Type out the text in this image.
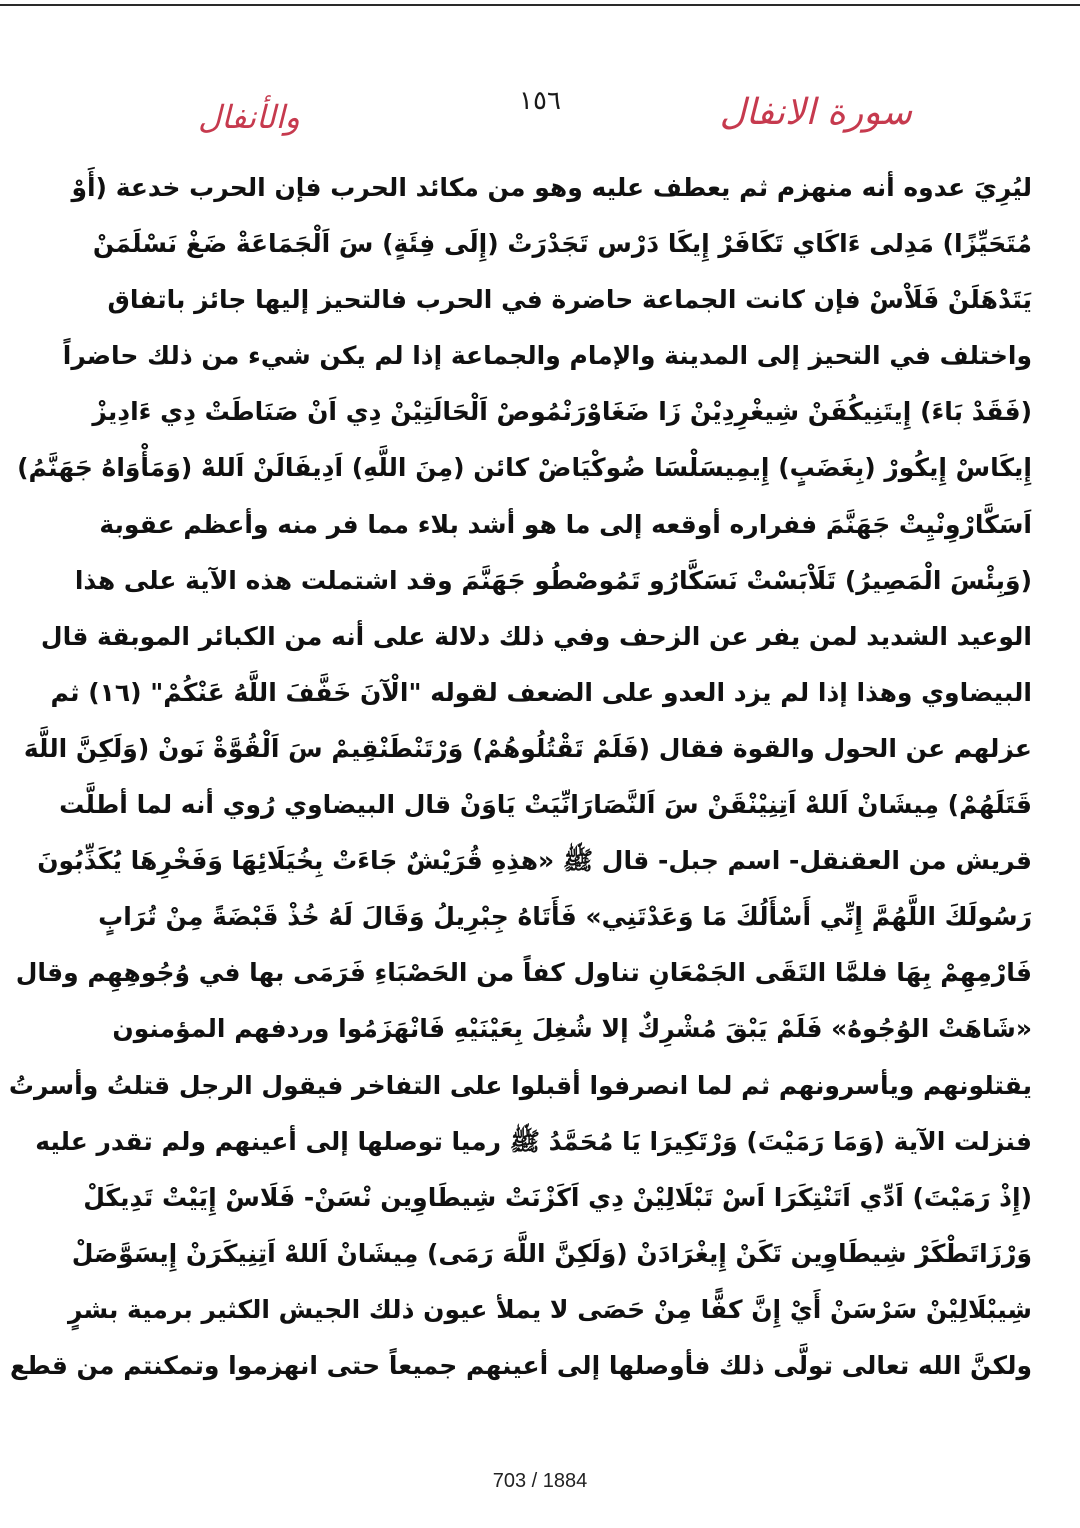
سورة الانفال
١٥٦
والأنفال
ليُرِيَ عدوه أنه منهزم ثم يعطف عليه وهو من مكائد الحرب فإن الحرب خدعة (أَوْ
مُتَحَيِّزًا) مَدِلى ءَاكَاي تَكَافَرْ إِيكَا دَرْس تَجَدْرَتْ (إِلَى فِئَةٍ) سَ اَلْجَمَاعَةْ ضَغْ نَسْلَمَنْ
يَتَدْهَلَنْ فَلَاْسْ فإن كانت الجماعة حاضرة في الحرب فالتحيز إليها جائز باتفاق
واختلف في التحيز إلى المدينة والإمام والجماعة إذا لم يكن شيء من ذلك حاضراً
(فَقَدْ بَاءَ) إِيتَنِيكُفَنْ شِيغْرِدِيْنْ زَا ضَغَاوْرَنْمُوصْ اَلْحَالَتِيْنْ دِي اَنْ صَنَاطَتْ دِي ءَادِيزْ
إِيكَاسْ إِيكُورْ (بِغَضَبٍ) إِيمِيسَلْسَا ضُوكْيَاضْ كائن (مِنَ اللَّهِ) اَدِيفَالَنْ اَللهْ (وَمَأْوَاهُ جَهَنَّمُ)
اَسَكَّارْوِنْيِتْ جَهَنَّمَ ففراره أوقعه إلى ما هو أشد بلاء مما فر منه وأعظم عقوبة
(وَبِئْسَ الْمَصِيرُ) تَلَاْبَسْتْ نَسَكَّارُو تَمُوصْطُو جَهَنَّمَ وقد اشتملت هذه الآية على هذا
الوعيد الشديد لمن يفر عن الزحف وفي ذلك دلالة على أنه من الكبائر الموبقة قال
البيضاوي وهذا إذا لم يزد العدو على الضعف لقوله "الْآنَ خَفَّفَ اللَّهُ عَنْكُمْ" (١٦) ثم
عزلهم عن الحول والقوة فقال (فَلَمْ تَقْتُلُوهُمْ) وَرْتَنْطَنْقِيمْ سَ اَلْقُوَّةْ نَونْ (وَلَكِنَّ اللَّهَ
قَتَلَهُمْ) مِيشَانْ اَللهْ اَتِنِيْنْقَنْ سَ اَلنَّصَارَانِّيَتْ يَاوَنْ قال البيضاوي رُوي أنه لما أطلَّت
قريش من العقنقل- اسم جبل- قال ﷺ «هذِهِ قُرَيْشٌ جَاءَتْ بِخُيَلَائِهَا وَفَخْرِهَا يُكَذِّبُونَ
رَسُولَكَ اللَّهُمَّ إِنِّي أَسْأَلُكَ مَا وَعَدْتَنِي» فَأَتَاهُ جِبْرِيلُ وَقَالَ لَهُ خُذْ قَبْضَةً مِنْ تُرَابٍ
فَارْمِهِمْ بِهَا فلمَّا التَقَى الجَمْعَانِ تناول كفاً من الحَصْبَاءِ فَرَمَى بها في وُجُوهِهِم وقال
«شَاهَتْ الوُجُوهُ» فَلَمْ يَبْقَ مُشْرِكٌ إلا شُغِلَ بِعَيْنَيْهِ فَانْهَزَمُوا وردفهم المؤمنون
يقتلونهم ويأسرونهم ثم لما انصرفوا أقبلوا على التفاخر فيقول الرجل قتلتُ وأسرتُ
فنزلت الآية (وَمَا رَمَيْتَ) وَرْتَكِيرَا يَا مُحَمَّدُ ﷺ رميا توصلها إلى أعينهم ولم تقدر عليه
(إِذْ رَمَيْتَ) اَدِّي اَتَنْتِكَرَا اَسْ تَبْلَالِيْنْ دِي اَكَزْنَتْ شِيطَاوِين نْسَنْ- فَلَاسْ إِيَيْتْ تَدِيكَلْ
وَرْزَاتَطْكَرْ شِيطَاوِين تَكَنْ إِيغْرَادَنْ (وَلَكِنَّ اللَّهَ رَمَى) مِيشَانْ اَللهْ اَتِنِيكَرَنْ إِيسَوَّصَلْ
شِيبْلَالِيْنْ سَرْسَنْ أَيْ إِنَّ كفًّا مِنْ حَصَى لا يملأ عيون ذلك الجيش الكثير برمية بشرٍ
ولكنَّ الله تعالى تولَّى ذلك فأوصلها إلى أعينهم جميعاً حتى انهزموا وتمكنتم من قطع
703 / 1884
